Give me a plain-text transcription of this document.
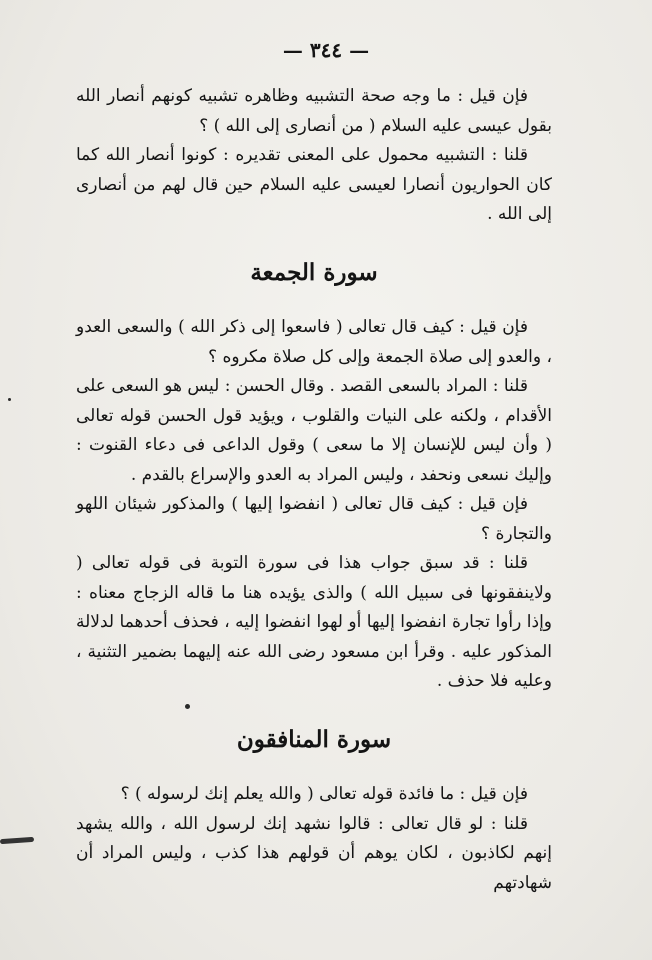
— ٣٤٤ —

فإن قيل : ما وجه صحة التشبيه وظاهره تشبيه كونهم أنصار الله بقول عيسى عليه السلام ( من أنصارى إلى الله ) ؟

قلنا : التشبيه محمول على المعنى تقديره : كونوا أنصار الله كما كان الحواريون أنصارا لعيسى عليه السلام حين قال لهم من أنصارى إلى الله .

سورة الجمعة

فإن قيل : كيف قال تعالى ( فاسعوا إلى ذكر الله ) والسعى العدو ، والعدو إلى صلاة الجمعة وإلى كل صلاة مكروه ؟

قلنا : المراد بالسعى القصد . وقال الحسن : ليس هو السعى على الأقدام ، ولكنه على النيات والقلوب ، ويؤيد قول الحسن قوله تعالى ( وأن ليس للإنسان إلا ما سعى ) وقول الداعى فى دعاء القنوت : وإليك نسعى ونحفد ، وليس المراد به العدو والإسراع بالقدم .

فإن قيل : كيف قال تعالى ( انفضوا إليها ) والمذكور شيئان اللهو والتجارة ؟

قلنا : قد سبق جواب هذا فى سورة التوبة فى قوله تعالى ( ولاينفقونها فى سبيل الله ) والذى يؤيده هنا ما قاله الزجاج معناه : وإذا رأوا تجارة انفضوا إليها أو لهوا انفضوا إليه ، فحذف أحدهما لدلالة المذكور عليه . وقرأ ابن مسعود رضى الله عنه إليهما بضمير التثنية ، وعليه فلا حذف .

سورة المنافقون

فإن قيل : ما فائدة قوله تعالى ( والله يعلم إنك لرسوله ) ؟

قلنا : لو قال تعالى : قالوا نشهد إنك لرسول الله ، والله يشهد إنهم لكاذبون ، لكان يوهم أن قولهم هذا كذب ، وليس المراد أن شهادتهم
